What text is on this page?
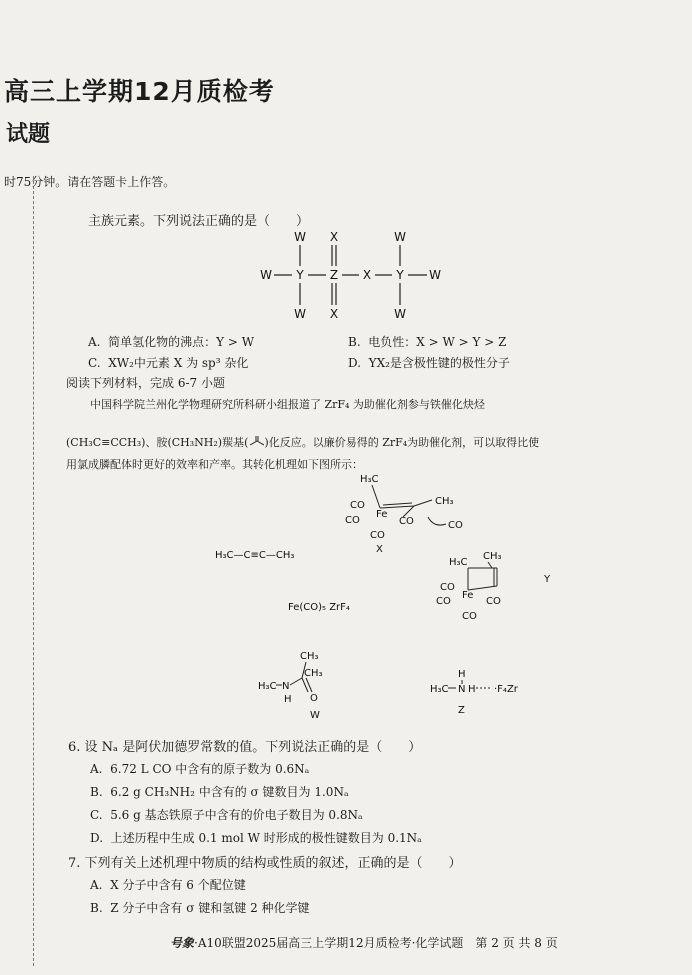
高三上学期12月质检考
试题
时75分钟。请在答题卡上作答。
主族元素。下列说法正确的是（　　）
W X	W
W Y Z X Y W
W X	W
A. 简单氢化物的沸点：Y > W	B. 电负性：X > W > Y > Z
C. XW₂中元素 X 为 sp³ 杂化	D. YX₂是含极性键的极性分子
阅读下列材料，完成 6-7 小题
中国科学院兰州化学物理研究所科研小组报道了 ZrF₄ 为助催化剂参与铁催化炔烃
(CH₃C≡CCH₃)、胺(CH₃NH₂)羰基( )化反应。以廉价易得的 ZrF₄为助催化剂，可以取得比使
用氯成膦配体时更好的效率和产率。其转化机理如下图所示：
H₃C
CH₃
CO
CO
Fe
CO
CO
CO
X
H₃C—C≡C—CH₃
H₃C
CH₃
CO
CO
Fe
CO
CO
Y
Fe(CO)₅ ZrF₄
CH₃
CH₃
H₃C N
H O
W
H
H₃C N H ·F₄Zr
Z
6. 设 Nₐ 是阿伏加德罗常数的值。下列说法正确的是（　　）
A. 6.72 L CO 中含有的原子数为 0.6Nₐ
B. 6.2 g CH₃NH₂ 中含有的 σ 键数目为 1.0Nₐ
C. 5.6 g 基态铁原子中含有的价电子数目为 0.8Nₐ
D. 上述历程中生成 0.1 mol W 时形成的极性键数目为 0.1Nₐ
7. 下列有关上述机理中物质的结构或性质的叙述，正确的是（　　）
A. X 分子中含有 6 个配位键
B. Z 分子中含有 σ 键和氢键 2 种化学键
号象·A10联盟2025届高三上学期12月质检考·化学试题　第 2 页 共 8 页
